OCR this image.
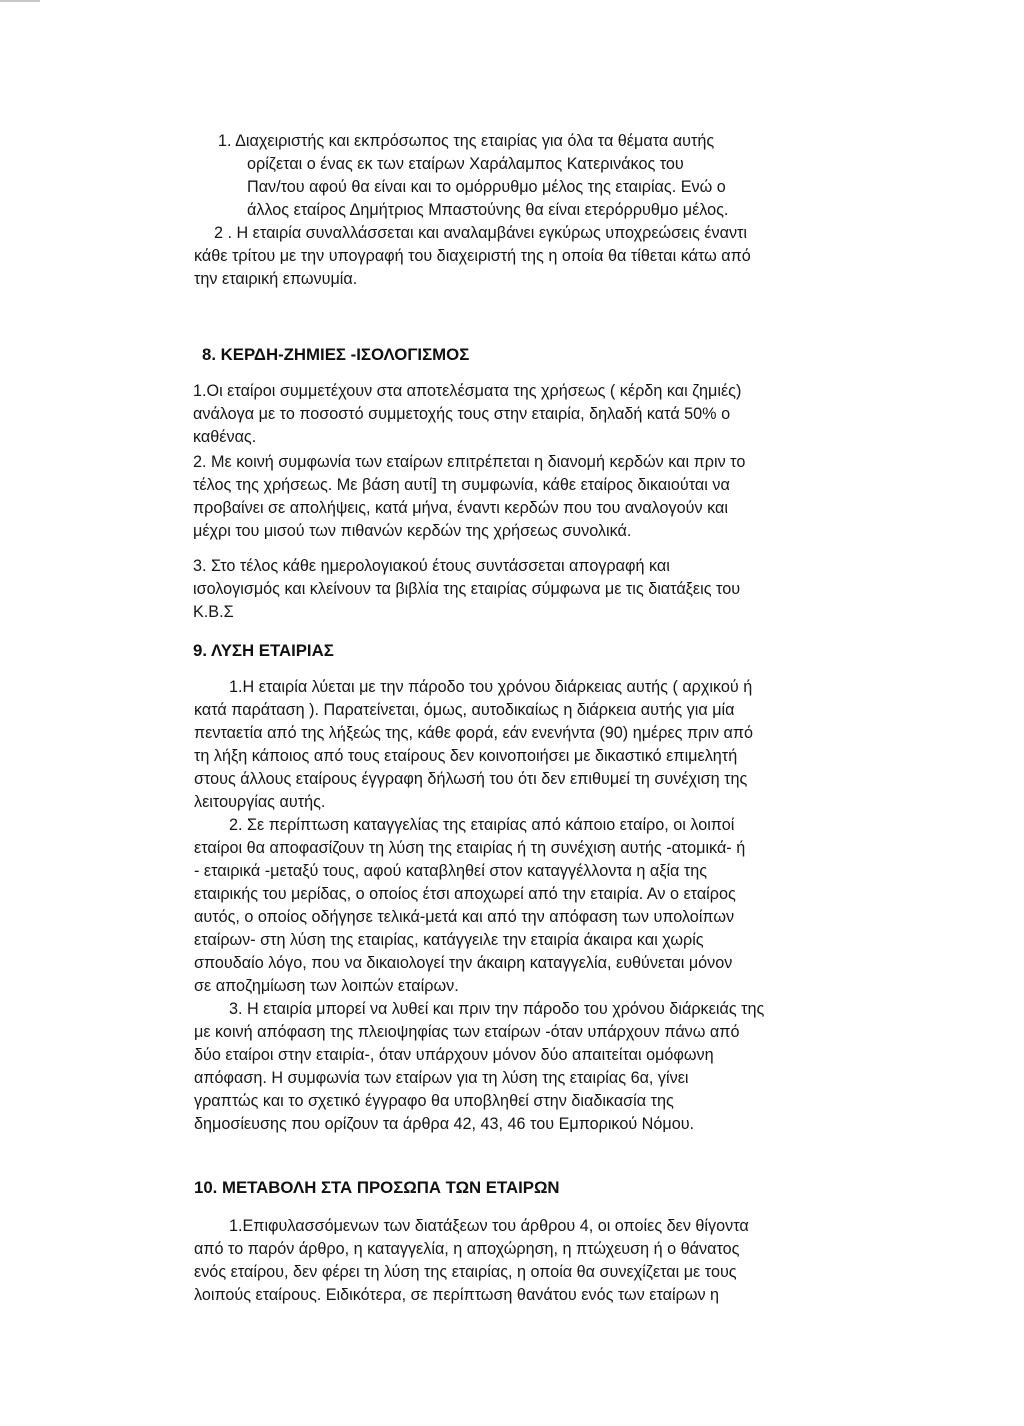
1. Διαχειριστής και εκπρόσωπος της εταιρίας για όλα τα θέματα αυτής
ορίζεται ο ένας εκ των εταίρων Χαράλαμπος Κατερινάκος του
Παν/του αφού θα είναι και το ομόρρυθμο μέλος της εταιρίας. Ενώ ο
άλλος εταίρος Δημήτριος Μπαστούνης θα είναι ετερόρρυθμο μέλος.
2 . Η εταιρία συναλλάσσεται και αναλαμβάνει εγκύρως υποχρεώσεις έναντι
κάθε τρίτου με την υπογραφή του διαχειριστή της η οποία θα τίθεται κάτω από
την εταιρική επωνυμία.
8. ΚΕΡΔΗ-ΖΗΜΙΕΣ -ΙΣΟΛΟΓΙΣΜΟΣ
1.Οι εταίροι συμμετέχουν στα αποτελέσματα της χρήσεως ( κέρδη και ζημιές)
ανάλογα με το ποσοστό συμμετοχής τους στην εταιρία, δηλαδή κατά 50% ο
καθένας.
2. Με κοινή συμφωνία των εταίρων επιτρέπεται η διανομή κερδών και πριν το
τέλος της χρήσεως. Με βάση αυτί] τη συμφωνία, κάθε εταίρος δικαιούται να
προβαίνει σε απολήψεις, κατά μήνα, έναντι κερδών που του αναλογούν και
μέχρι του μισού των πιθανών κερδών της χρήσεως συνολικά.
3. Στο τέλος κάθε ημερολογιακού έτους συντάσσεται απογραφή και
ισολογισμός και κλείνουν τα βιβλία της εταιρίας σύμφωνα με τις διατάξεις του
Κ.Β.Σ
9. ΛΥΣΗ ΕΤΑΙΡΙΑΣ
1.Η εταιρία λύεται με την πάροδο του χρόνου διάρκειας αυτής ( αρχικού ή
κατά παράταση ). Παρατείνεται, όμως, αυτοδικαίως η διάρκεια αυτής για μία
πενταετία από της λήξεώς της, κάθε φορά, εάν ενενήντα (90) ημέρες πριν από
τη λήξη κάποιος από τους εταίρους δεν κοινοποιήσει με δικαστικό επιμελητή
στους άλλους εταίρους έγγραφη δήλωσή του ότι δεν επιθυμεί τη συνέχιση της
λειτουργίας αυτής.
2. Σε περίπτωση καταγγελίας της εταιρίας από κάποιο εταίρο, οι λοιποί
εταίροι θα αποφασίζουν τη λύση της εταιρίας ή τη συνέχιση αυτής -ατομικά- ή
- εταιρικά -μεταξύ τους, αφού καταβληθεί στον καταγγέλλοντα η αξία της
εταιρικής του μερίδας, ο οποίος έτσι αποχωρεί από την εταιρία. Αν ο εταίρος
αυτός, ο οποίος οδήγησε τελικά-μετά και από την απόφαση των υπολοίπων
εταίρων- στη λύση της εταιρίας, κατάγγειλε την εταιρία άκαιρα και χωρίς
σπουδαίο λόγο, που να δικαιολογεί την άκαιρη καταγγελία, ευθύνεται μόνον
σε αποζημίωση των λοιπών εταίρων.
3. Η εταιρία μπορεί να λυθεί και πριν την πάροδο του χρόνου διάρκειάς της
με κοινή απόφαση της πλειοψηφίας των εταίρων -όταν υπάρχουν πάνω από
δύο εταίροι στην εταιρία-, όταν υπάρχουν μόνον δύο απαιτείται ομόφωνη
απόφαση. Η συμφωνία των εταίρων για τη λύση της εταιρίας 6α, γίνει
γραπτώς και το σχετικό έγγραφο θα υποβληθεί στην διαδικασία της
δημοσίευσης που ορίζουν τα άρθρα 42, 43, 46 του Εμπορικού Νόμου.
10. ΜΕΤΑΒΟΛΗ ΣΤΑ ΠΡΟΣΩΠΑ ΤΩΝ ΕΤΑΙΡΩΝ
1.Επιφυλασσόμενων των διατάξεων του άρθρου 4, οι οποίες δεν θίγοντα
από το παρόν άρθρο, η καταγγελία, η αποχώρηση, η πτώχευση ή ο θάνατος
ενός εταίρου, δεν φέρει τη λύση της εταιρίας, η οποία θα συνεχίζεται με τους
λοιπούς εταίρους. Ειδικότερα, σε περίπτωση θανάτου ενός των εταίρων η
